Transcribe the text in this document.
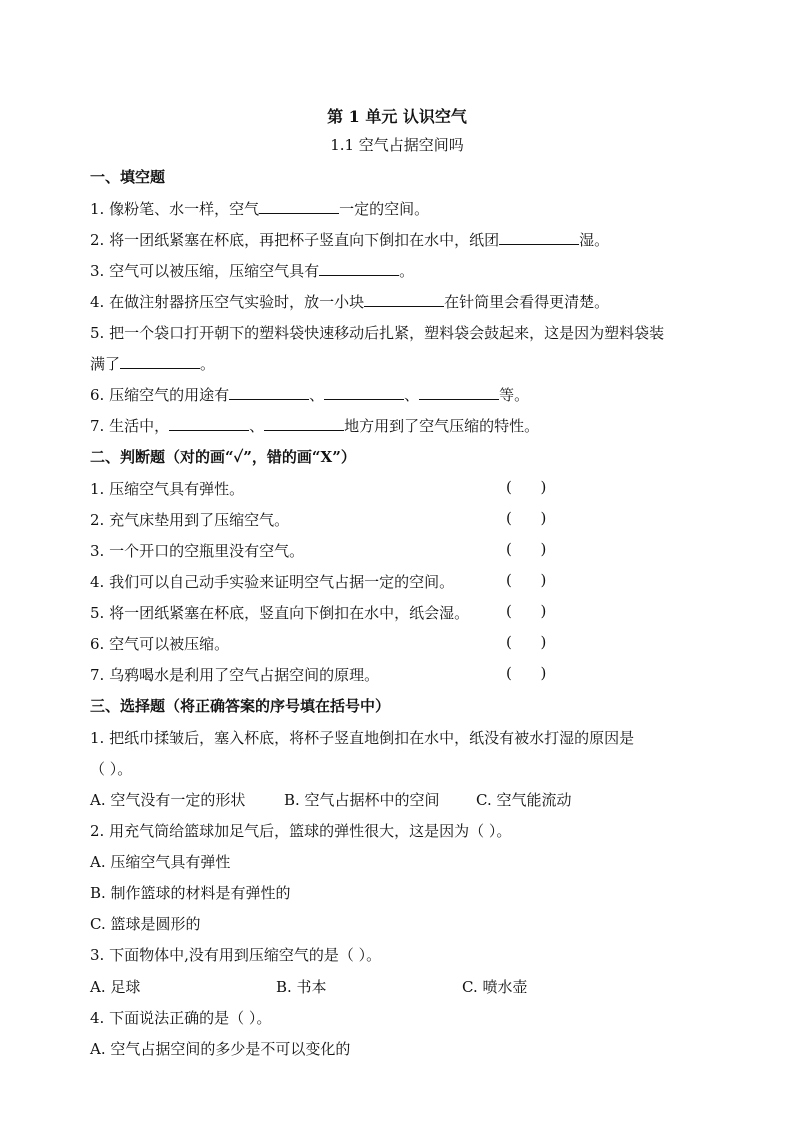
第 1 单元 认识空气
1.1 空气占据空间吗
一、填空题
1. 像粉笔、水一样，空气	一定的空间。
2. 将一团纸紧塞在杯底，再把杯子竖直向下倒扣在水中，纸团	湿。
3. 空气可以被压缩，压缩空气具有	。
4. 在做注射器挤压空气实验时，放一小块	在针筒里会看得更清楚。
5. 把一个袋口打开朝下的塑料袋快速移动后扎紧，塑料袋会鼓起来，这是因为塑料袋装
满了	。
6. 压缩空气的用途有	、	、	等。
7. 生活中，	、	地方用到了空气压缩的特性。
二、判断题（对的画“✓”，错的画“X”）
1. 压缩空气具有弹性。	(      )
2. 充气床垫用到了压缩空气。	(      )
3. 一个开口的空瓶里没有空气。	(      )
4. 我们可以自己动手实验来证明空气占据一定的空间。	(      )
5. 将一团纸紧塞在杯底，竖直向下倒扣在水中，纸会湿。 (      )
6. 空气可以被压缩。	(      )
7. 乌鸦喝水是利用了空气占据空间的原理。	(      )
三、选择题（将正确答案的序号填在括号中）
1. 把纸巾揉皱后，塞入杯底，将杯子竖直地倒扣在水中，纸没有被水打湿的原因是
（ ）。
A. 空气没有一定的形状	B. 空气占据杯中的空间 C. 空气能流动
2. 用充气筒给篮球加足气后，篮球的弹性很大，这是因为（ ）。
A. 压缩空气具有弹性
B. 制作篮球的材料是有弹性的
C. 篮球是圆形的
3. 下面物体中,没有用到压缩空气的是（ ）。
A. 足球	B. 书本	C. 喷水壶
4. 下面说法正确的是（ ）。
A. 空气占据空间的多少是不可以变化的
